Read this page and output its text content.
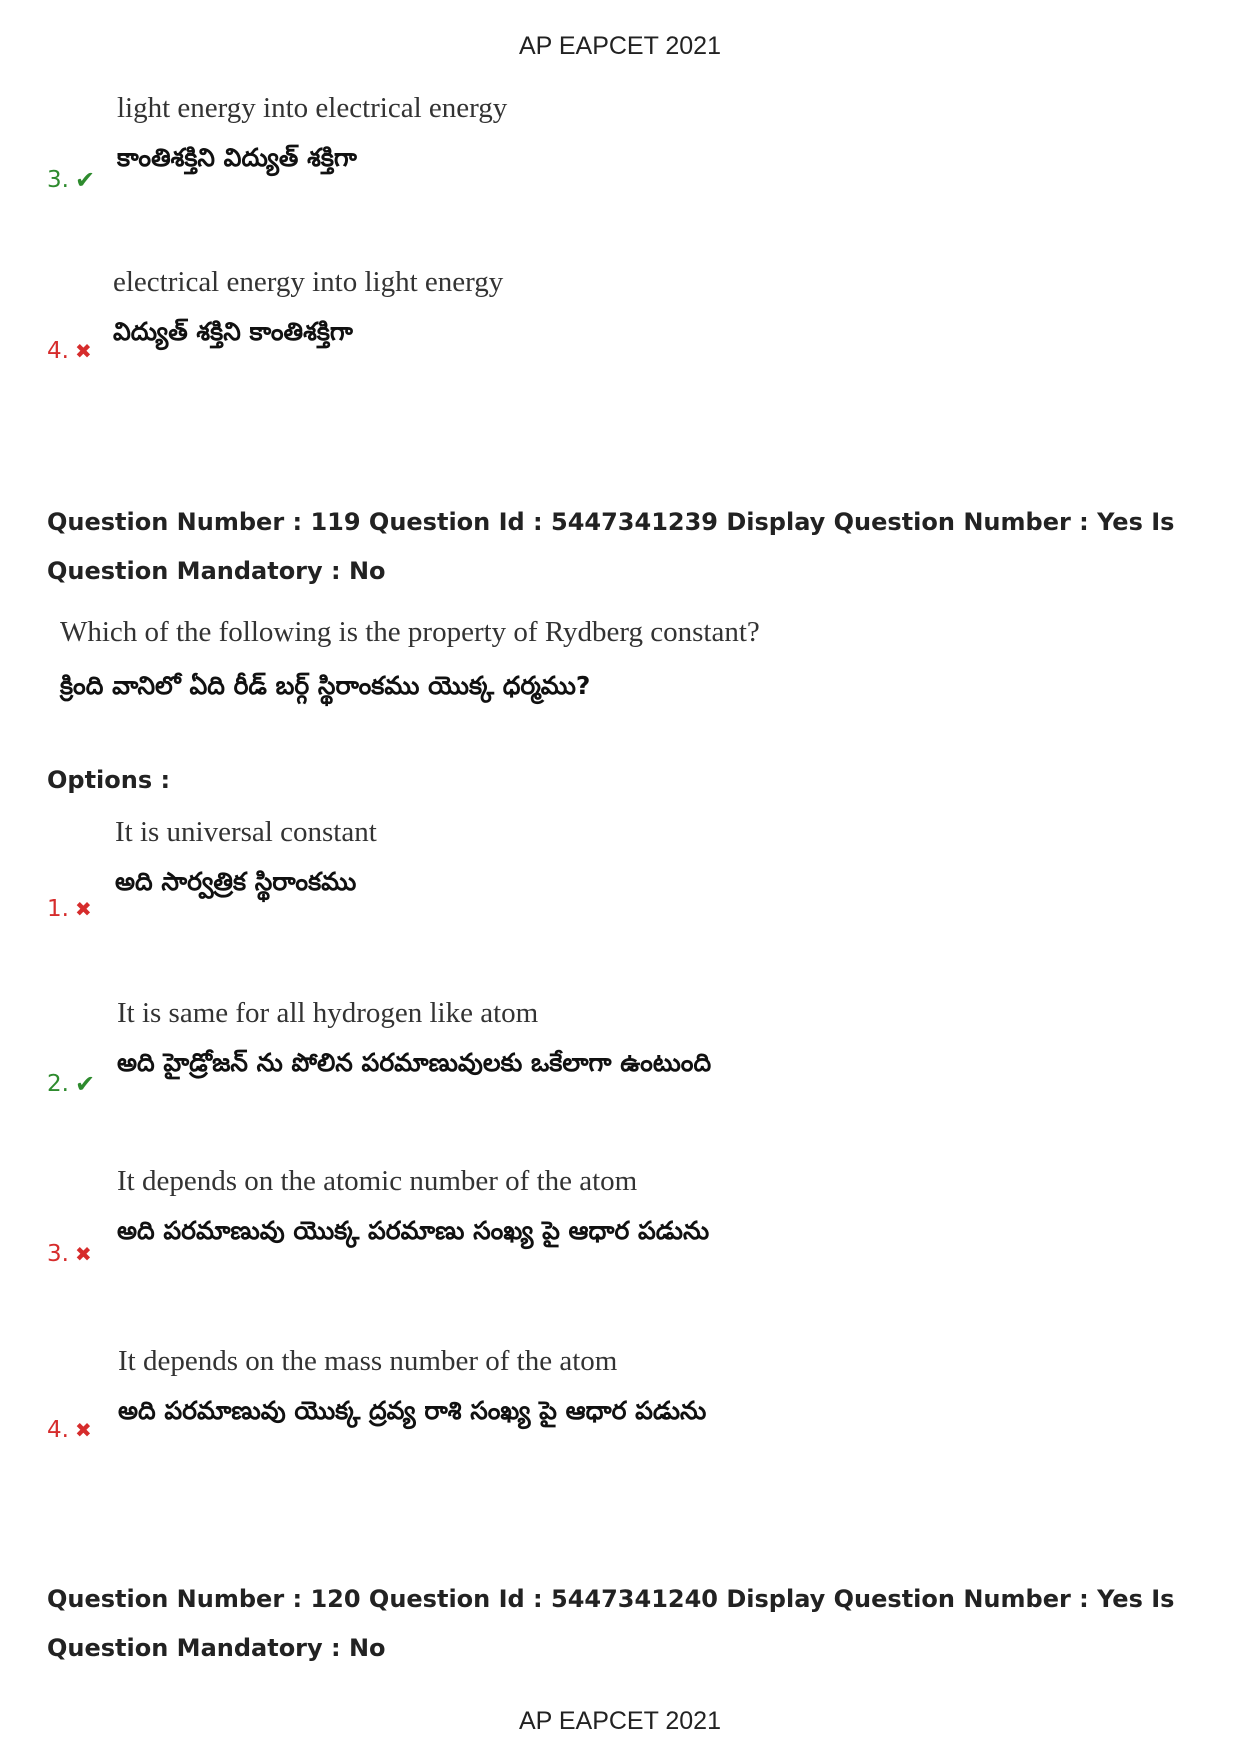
AP EAPCET 2021
light energy into electrical energy
కాంతిశక్తిని విద్యుత్ శక్తిగా
3. ✔
electrical energy into light energy
విద్యుత్ శక్తిని కాంతిశక్తిగా
4. ✖
Question Number : 119 Question Id : 5447341239 Display Question Number : Yes Is Question Mandatory : No
Which of the following is the property of Rydberg constant?
క్రింది వానిలో ఏది రీడ్ బర్గ్ స్థిరాంకము యొక్క ధర్మము?
Options :
It is universal constant
అది సార్వత్రిక స్థిరాంకము
1. ✖
It is same for all hydrogen like atom
అది హైడ్రోజన్ ను పోలిన పరమాణువులకు ఒకేలాగా ఉంటుంది
2. ✔
It depends on the atomic number of the atom
అది పరమాణువు యొక్క పరమాణు సంఖ్య పై ఆధార పడును
3. ✖
It depends on the mass number of the atom
అది పరమాణువు యొక్క ద్రవ్య రాశి సంఖ్య పై ఆధార పడును
4. ✖
Question Number : 120 Question Id : 5447341240 Display Question Number : Yes Is Question Mandatory : No
AP EAPCET 2021
